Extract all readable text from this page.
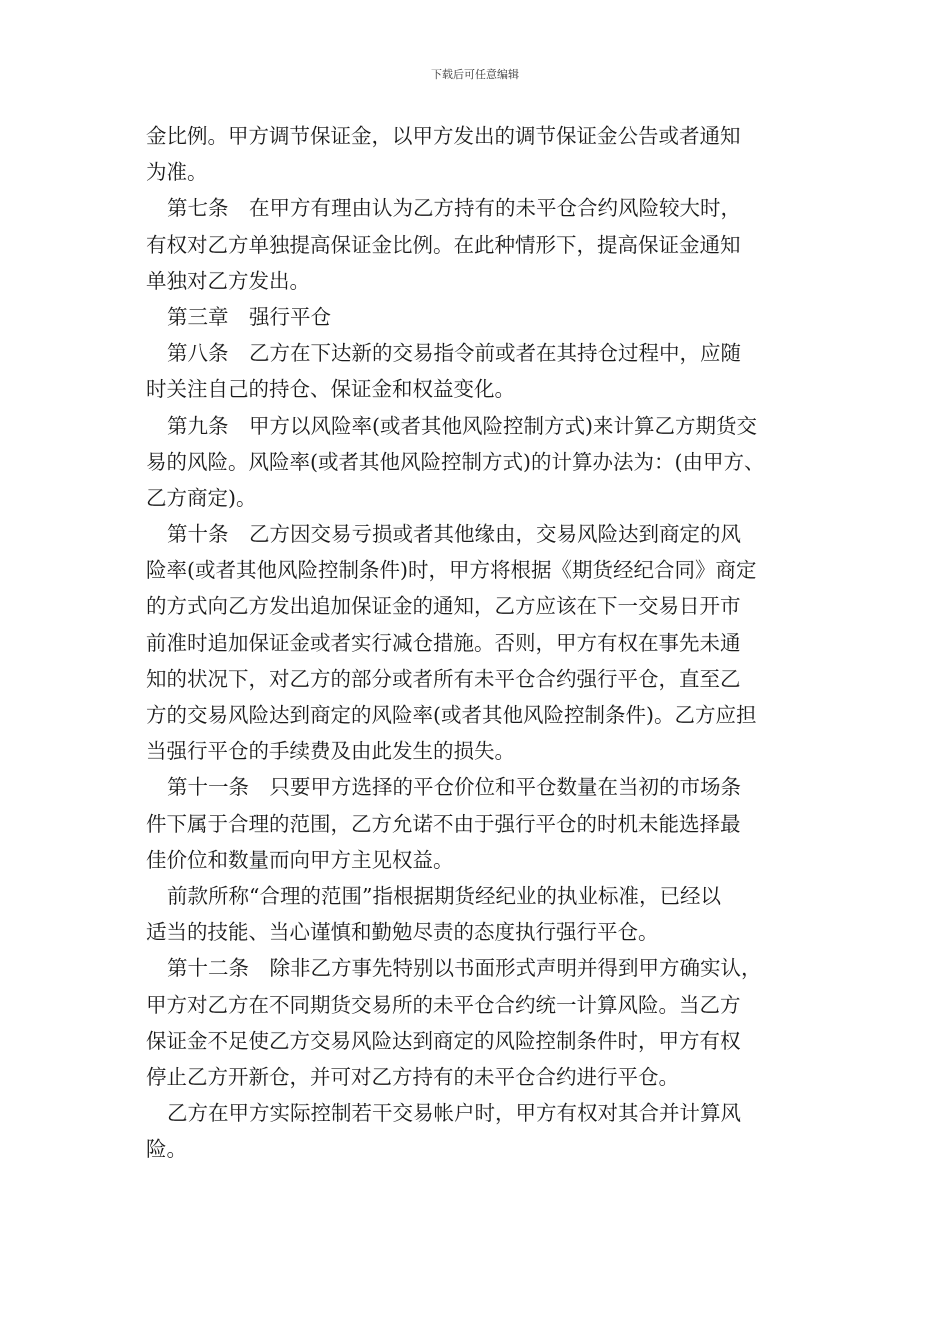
下载后可任意编辑
金比例。甲方调节保证金，以甲方发出的调节保证金公告或者通知
为准。
第七条　在甲方有理由认为乙方持有的未平仓合约风险较大时，
有权对乙方单独提高保证金比例。在此种情形下，提高保证金通知
单独对乙方发出。
第三章　强行平仓
第八条　乙方在下达新的交易指令前或者在其持仓过程中，应随
时关注自己的持仓、保证金和权益变化。
第九条　甲方以风险率(或者其他风险控制方式)来计算乙方期货交
易的风险。风险率(或者其他风险控制方式)的计算办法为：(由甲方、
乙方商定)。
第十条　乙方因交易亏损或者其他缘由，交易风险达到商定的风
险率(或者其他风险控制条件)时，甲方将根据《期货经纪合同》商定
的方式向乙方发出追加保证金的通知，乙方应该在下一交易日开市
前准时追加保证金或者实行减仓措施。否则，甲方有权在事先未通
知的状况下，对乙方的部分或者所有未平仓合约强行平仓，直至乙
方的交易风险达到商定的风险率(或者其他风险控制条件)。乙方应担
当强行平仓的手续费及由此发生的损失。
第十一条　只要甲方选择的平仓价位和平仓数量在当初的市场条
件下属于合理的范围，乙方允诺不由于强行平仓的时机未能选择最
佳价位和数量而向甲方主见权益。
前款所称“合理的范围”指根据期货经纪业的执业标准，已经以
适当的技能、当心谨慎和勤勉尽责的态度执行强行平仓。
第十二条　除非乙方事先特别以书面形式声明并得到甲方确实认，
甲方对乙方在不同期货交易所的未平仓合约统一计算风险。当乙方
保证金不足使乙方交易风险达到商定的风险控制条件时，甲方有权
停止乙方开新仓，并可对乙方持有的未平仓合约进行平仓。
乙方在甲方实际控制若干交易帐户时，甲方有权对其合并计算风
险。
